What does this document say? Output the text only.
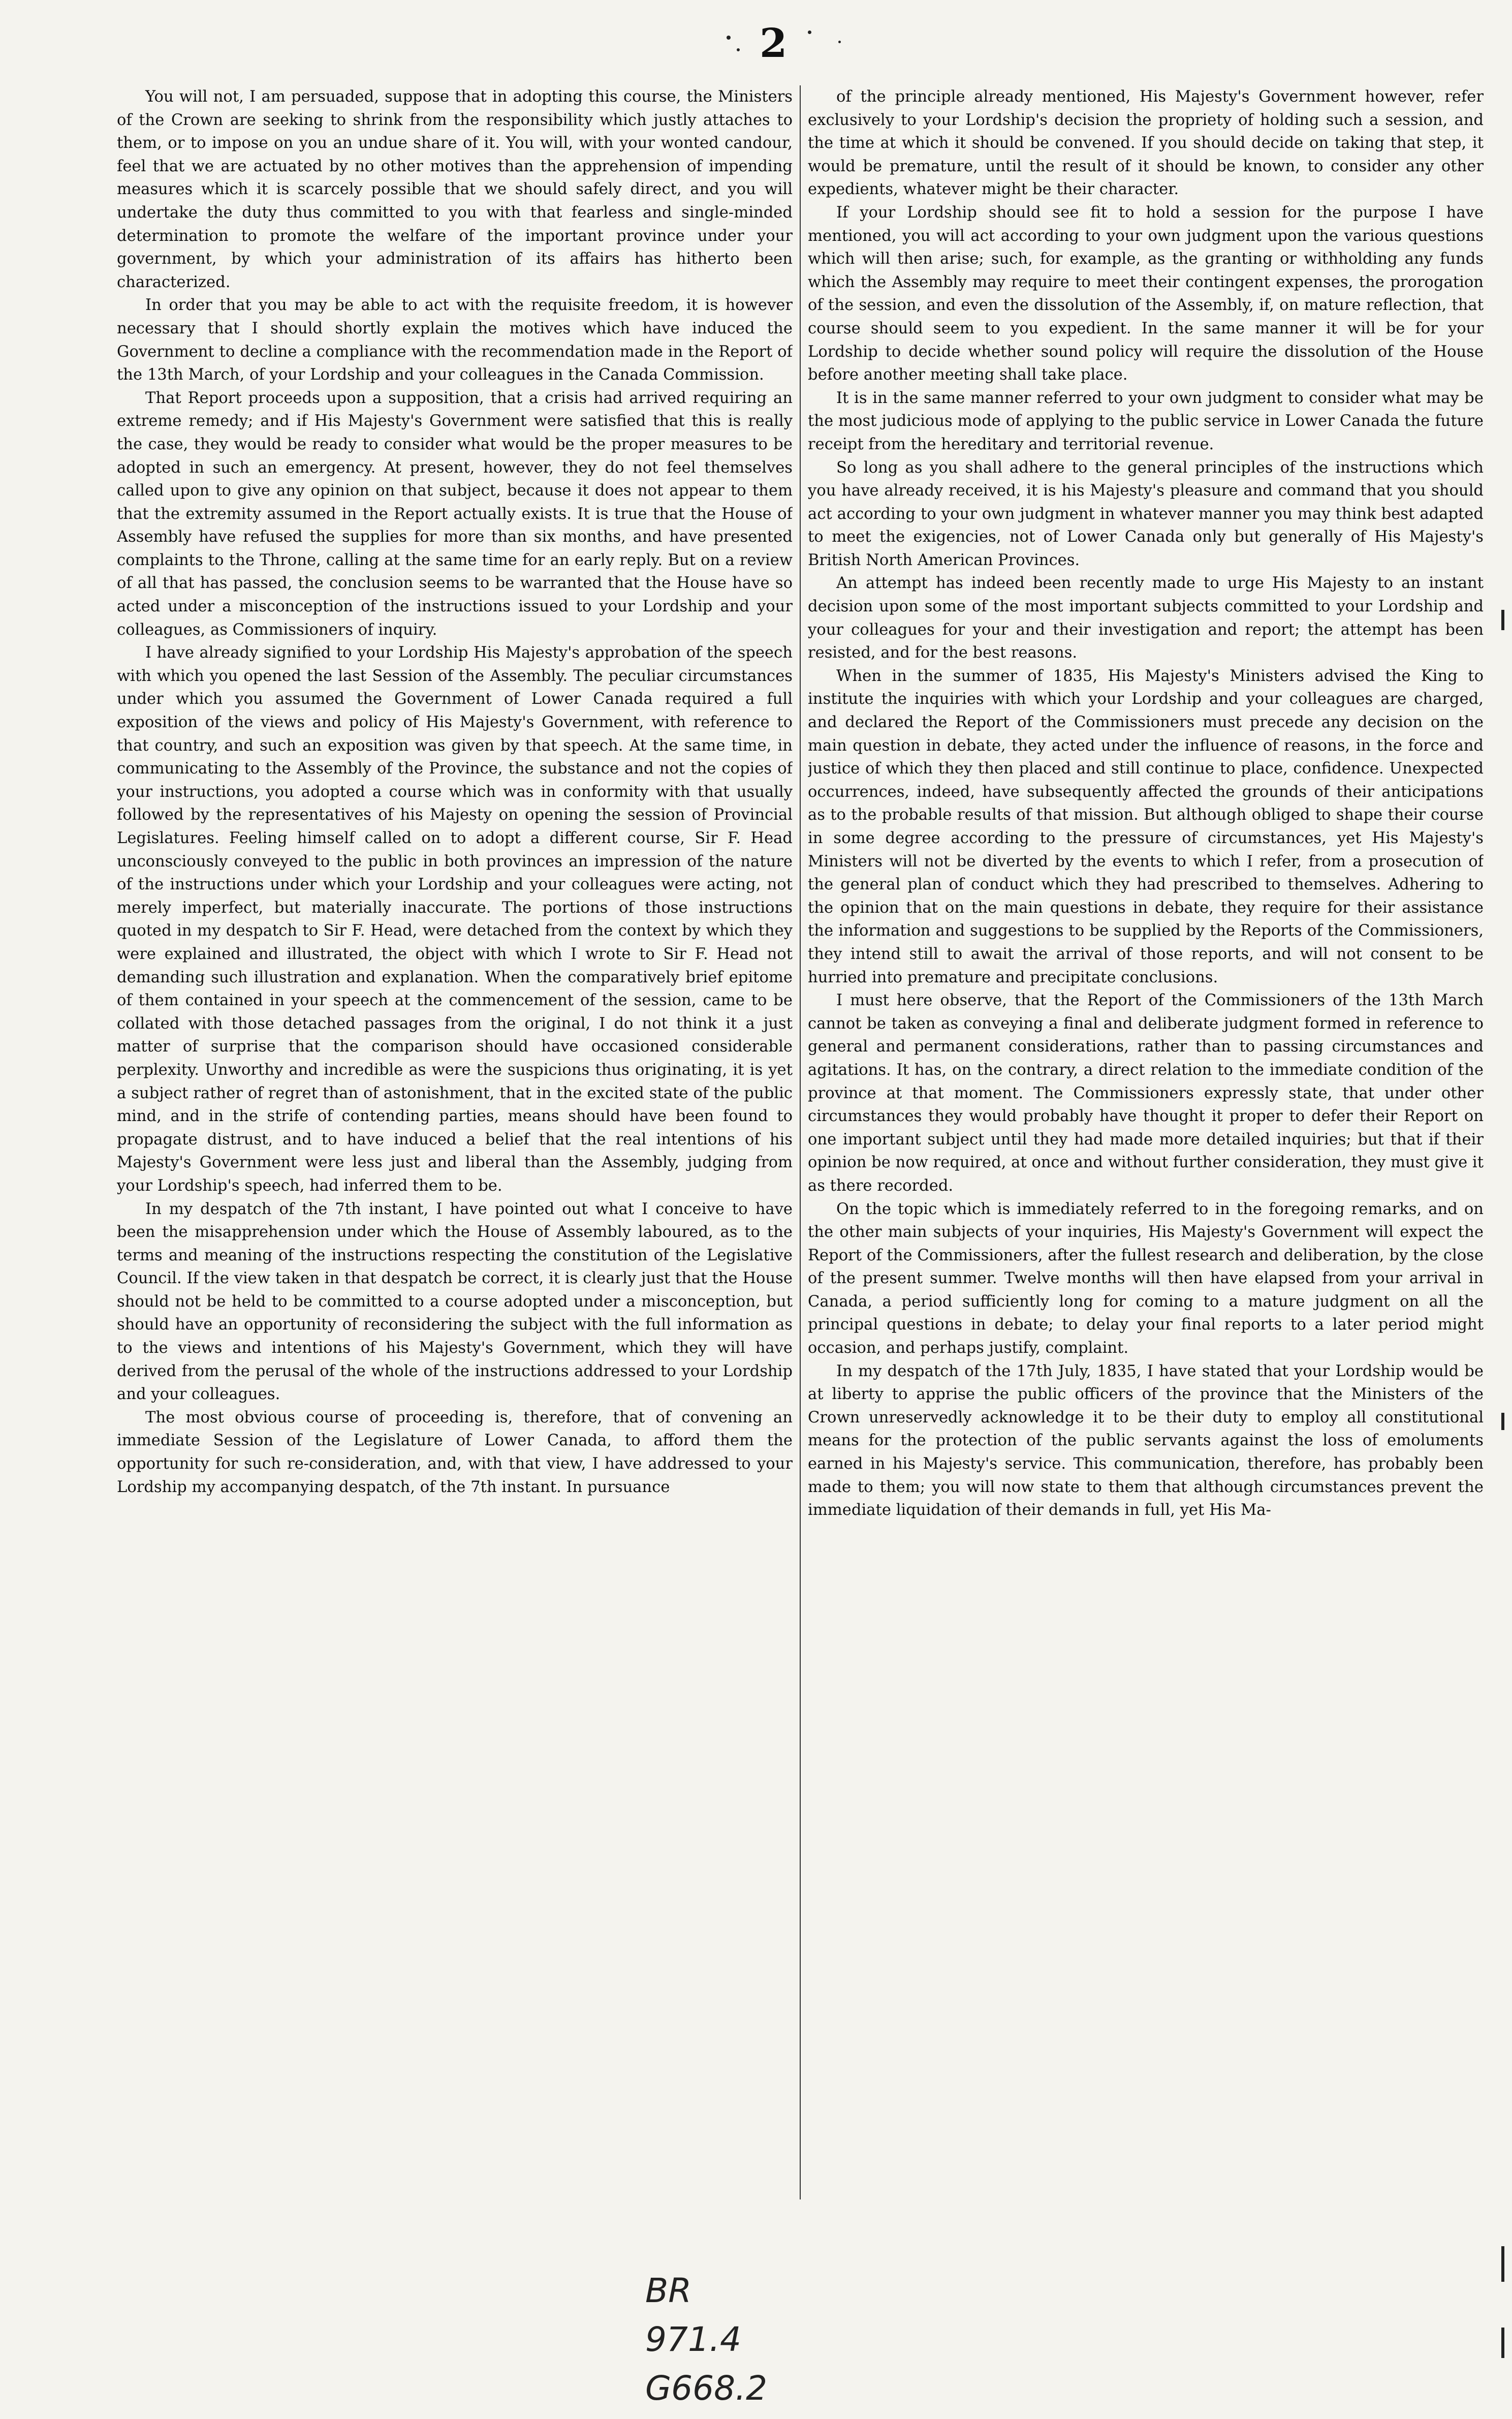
2

You will not, I am persuaded, suppose that in adopting this course, the Ministers of the Crown are seeking to shrink from the responsibility which justly attaches to them, or to impose on you an undue share of it. You will, with your wonted candour, feel that we are actuated by no other motives than the apprehension of impending measures which it is scarcely possible that we should safely direct, and you will undertake the duty thus committed to you with that fearless and single-minded determination to promote the welfare of the important province under your government, by which your administration of its affairs has hitherto been characterized.

In order that you may be able to act with the requisite freedom, it is however necessary that I should shortly explain the motives which have induced the Government to decline a compliance with the recommendation made in the Report of the 13th March, of your Lordship and your colleagues in the Canada Commission.

That Report proceeds upon a supposition, that a crisis had arrived requiring an extreme remedy; and if His Majesty's Government were satisfied that this is really the case, they would be ready to consider what would be the proper measures to be adopted in such an emergency. At present, however, they do not feel themselves called upon to give any opinion on that subject, because it does not appear to them that the extremity assumed in the Report actually exists. It is true that the House of Assembly have refused the supplies for more than six months, and have presented complaints to the Throne, calling at the same time for an early reply. But on a review of all that has passed, the conclusion seems to be warranted that the House have so acted under a misconception of the instructions issued to your Lordship and your colleagues, as Commissioners of inquiry.

I have already signified to your Lordship His Majesty's approbation of the speech with which you opened the last Session of the Assembly. The peculiar circumstances under which you assumed the Government of Lower Canada required a full exposition of the views and policy of His Majesty's Government, with reference to that country, and such an exposition was given by that speech. At the same time, in communicating to the Assembly of the Province, the substance and not the copies of your instructions, you adopted a course which was in conformity with that usually followed by the representatives of his Majesty on opening the session of Provincial Legislatures. Feeling himself called on to adopt a different course, Sir F. Head unconsciously conveyed to the public in both provinces an impression of the nature of the instructions under which your Lordship and your colleagues were acting, not merely imperfect, but materially inaccurate. The portions of those instructions quoted in my despatch to Sir F. Head, were detached from the context by which they were explained and illustrated, the object with which I wrote to Sir F. Head not demanding such illustration and explanation. When the comparatively brief epitome of them contained in your speech at the commencement of the session, came to be collated with those detached passages from the original, I do not think it a just matter of surprise that the comparison should have occasioned considerable perplexity. Unworthy and incredible as were the suspicions thus originating, it is yet a subject rather of regret than of astonishment, that in the excited state of the public mind, and in the strife of contending parties, means should have been found to propagate distrust, and to have induced a belief that the real intentions of his Majesty's Government were less just and liberal than the Assembly, judging from your Lordship's speech, had inferred them to be.

In my despatch of the 7th instant, I have pointed out what I conceive to have been the misapprehension under which the House of Assembly laboured, as to the terms and meaning of the instructions respecting the constitution of the Legislative Council. If the view taken in that despatch be correct, it is clearly just that the House should not be held to be committed to a course adopted under a misconception, but should have an opportunity of reconsidering the subject with the full information as to the views and intentions of his Majesty's Government, which they will have derived from the perusal of the whole of the instructions addressed to your Lordship and your colleagues.

The most obvious course of proceeding is, therefore, that of convening an immediate Session of the Legislature of Lower Canada, to afford them the opportunity for such re-consideration, and, with that view, I have addressed to your Lordship my accompanying despatch, of the 7th instant. In pursuance

of the principle already mentioned, His Majesty's Government however, refer exclusively to your Lordship's decision the propriety of holding such a session, and the time at which it should be convened. If you should decide on taking that step, it would be premature, until the result of it should be known, to consider any other expedients, whatever might be their character.

If your Lordship should see fit to hold a session for the purpose I have mentioned, you will act according to your own judgment upon the various questions which will then arise; such, for example, as the granting or withholding any funds which the Assembly may require to meet their contingent expenses, the prorogation of the session, and even the dissolution of the Assembly, if, on mature reflection, that course should seem to you expedient. In the same manner it will be for your Lordship to decide whether sound policy will require the dissolution of the House before another meeting shall take place.

It is in the same manner referred to your own judgment to consider what may be the most judicious mode of applying to the public service in Lower Canada the future receipt from the hereditary and territorial revenue.

So long as you shall adhere to the general principles of the instructions which you have already received, it is his Majesty's pleasure and command that you should act according to your own judgment in whatever manner you may think best adapted to meet the exigencies, not of Lower Canada only but generally of His Majesty's British North American Provinces.

An attempt has indeed been recently made to urge His Majesty to an instant decision upon some of the most important subjects committed to your Lordship and your colleagues for your and their investigation and report; the attempt has been resisted, and for the best reasons.

When in the summer of 1835, His Majesty's Ministers advised the King to institute the inquiries with which your Lordship and your colleagues are charged, and declared the Report of the Commissioners must precede any decision on the main question in debate, they acted under the influence of reasons, in the force and justice of which they then placed and still continue to place, confidence. Unexpected occurrences, indeed, have subsequently affected the grounds of their anticipations as to the probable results of that mission. But although obliged to shape their course in some degree according to the pressure of circumstances, yet His Majesty's Ministers will not be diverted by the events to which I refer, from a prosecution of the general plan of conduct which they had prescribed to themselves. Adhering to the opinion that on the main questions in debate, they require for their assistance the information and suggestions to be supplied by the Reports of the Commissioners, they intend still to await the arrival of those reports, and will not consent to be hurried into premature and precipitate conclusions.

I must here observe, that the Report of the Commissioners of the 13th March cannot be taken as conveying a final and deliberate judgment formed in reference to general and permanent considerations, rather than to passing circumstances and agitations. It has, on the contrary, a direct relation to the immediate condition of the province at that moment. The Commissioners expressly state, that under other circumstances they would probably have thought it proper to defer their Report on one important subject until they had made more detailed inquiries; but that if their opinion be now required, at once and without further consideration, they must give it as there recorded.

On the topic which is immediately referred to in the foregoing remarks, and on the other main subjects of your inquiries, His Majesty's Government will expect the Report of the Commissioners, after the fullest research and deliberation, by the close of the present summer. Twelve months will then have elapsed from your arrival in Canada, a period sufficiently long for coming to a mature judgment on all the principal questions in debate; to delay your final reports to a later period might occasion, and perhaps justify, complaint.

In my despatch of the 17th July, 1835, I have stated that your Lordship would be at liberty to apprise the public officers of the province that the Ministers of the Crown unreservedly acknowledge it to be their duty to employ all constitutional means for the protection of the public servants against the loss of emoluments earned in his Majesty's service. This communication, therefore, has probably been made to them; you will now state to them that although circumstances prevent the immediate liquidation of their demands in full, yet His Ma-

BR
971.4
G668.2
